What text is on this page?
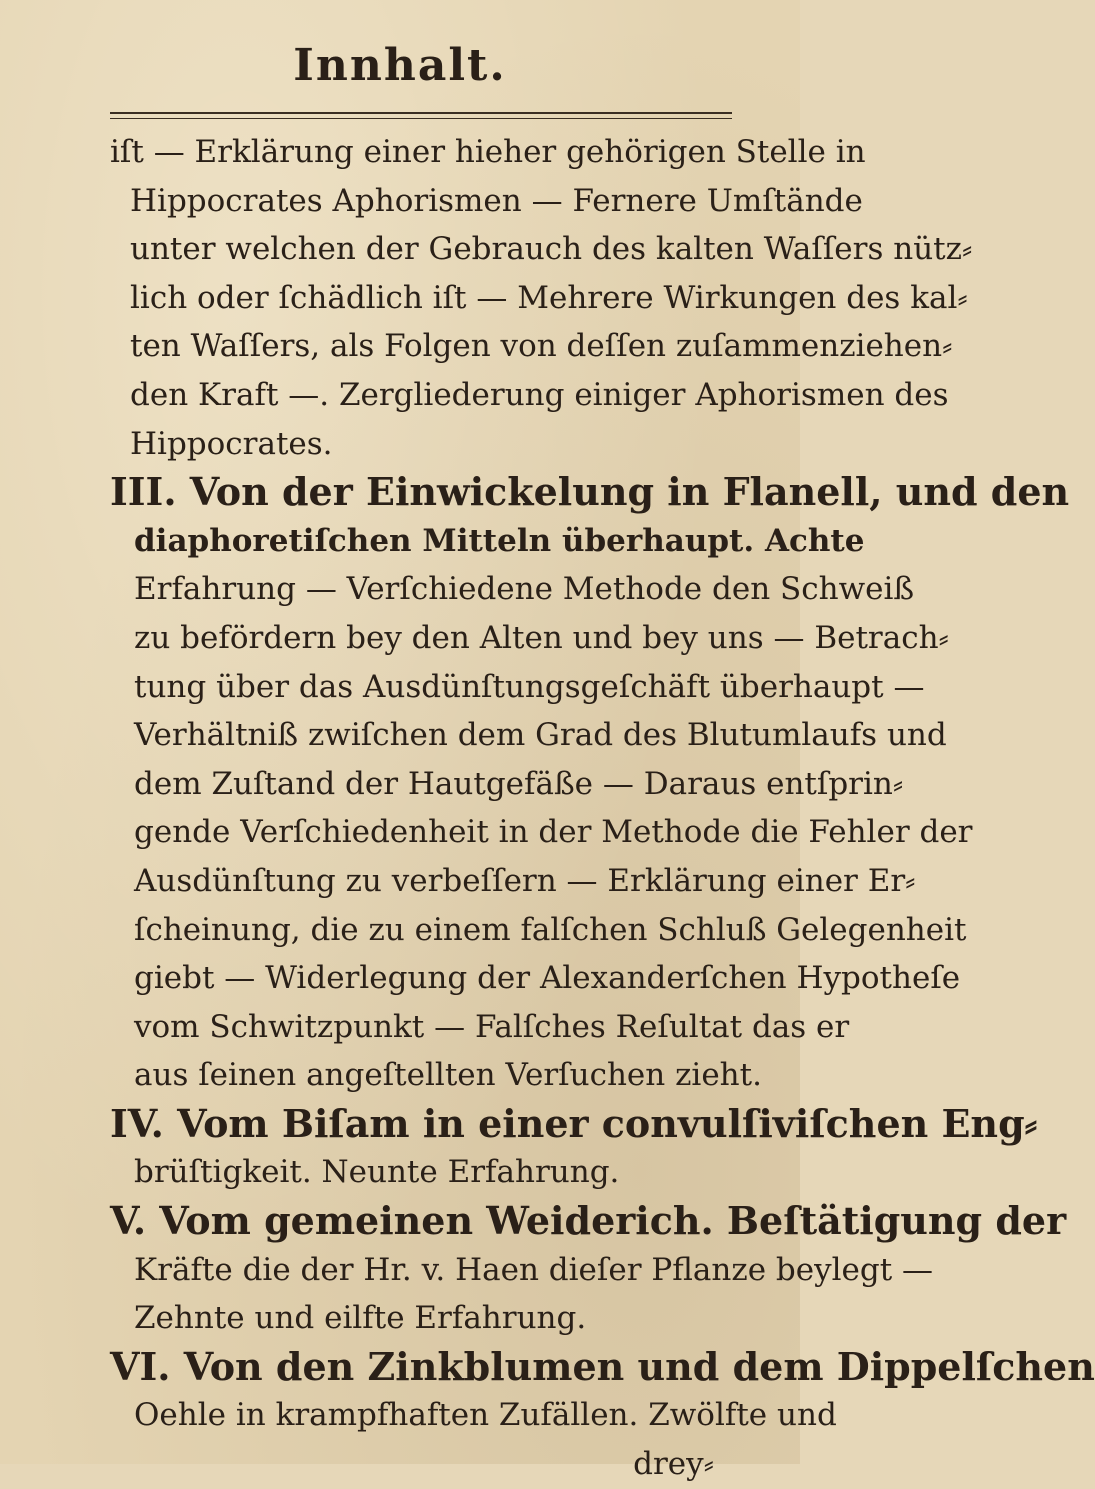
Innhalt.
iſt — Erklärung einer hieher gehörigen Stelle in
Hippocrates Aphorismen — Fernere Umſtände
unter welchen der Gebrauch des kalten Waſſers nütz⸗
lich oder ſchädlich iſt — Mehrere Wirkungen des kal⸗
ten Waſſers, als Folgen von deſſen zuſammenziehen⸗
den Kraft —. Zergliederung einiger Aphorismen des
Hippocrates.
III. Von der Einwickelung in Flanell, und den
diaphoretiſchen Mitteln überhaupt. Achte
Erfahrung — Verſchiedene Methode den Schweiß
zu befördern bey den Alten und bey uns — Betrach⸗
tung über das Ausdünſtungsgeſchäft überhaupt —
Verhältniß zwiſchen dem Grad des Blutumlaufs und
dem Zuſtand der Hautgefäße — Daraus entſprin⸗
gende Verſchiedenheit in der Methode die Fehler der
Ausdünſtung zu verbeſſern — Erklärung einer Er⸗
ſcheinung, die zu einem falſchen Schluß Gelegenheit
giebt — Widerlegung der Alexanderſchen Hypotheſe
vom Schwitzpunkt — Falſches Reſultat das er
aus ſeinen angeſtellten Verſuchen zieht.
IV. Vom Biſam in einer convulſiviſchen Eng⸗
brüſtigkeit. Neunte Erfahrung.
V. Vom gemeinen Weiderich. Beſtätigung der
Kräfte die der Hr. v. Haen dieſer Pflanze beylegt —
Zehnte und eilfte Erfahrung.
VI. Von den Zinkblumen und dem Dippelſchen
Oehle in krampfhaften Zufällen. Zwölfte und
drey⸗
